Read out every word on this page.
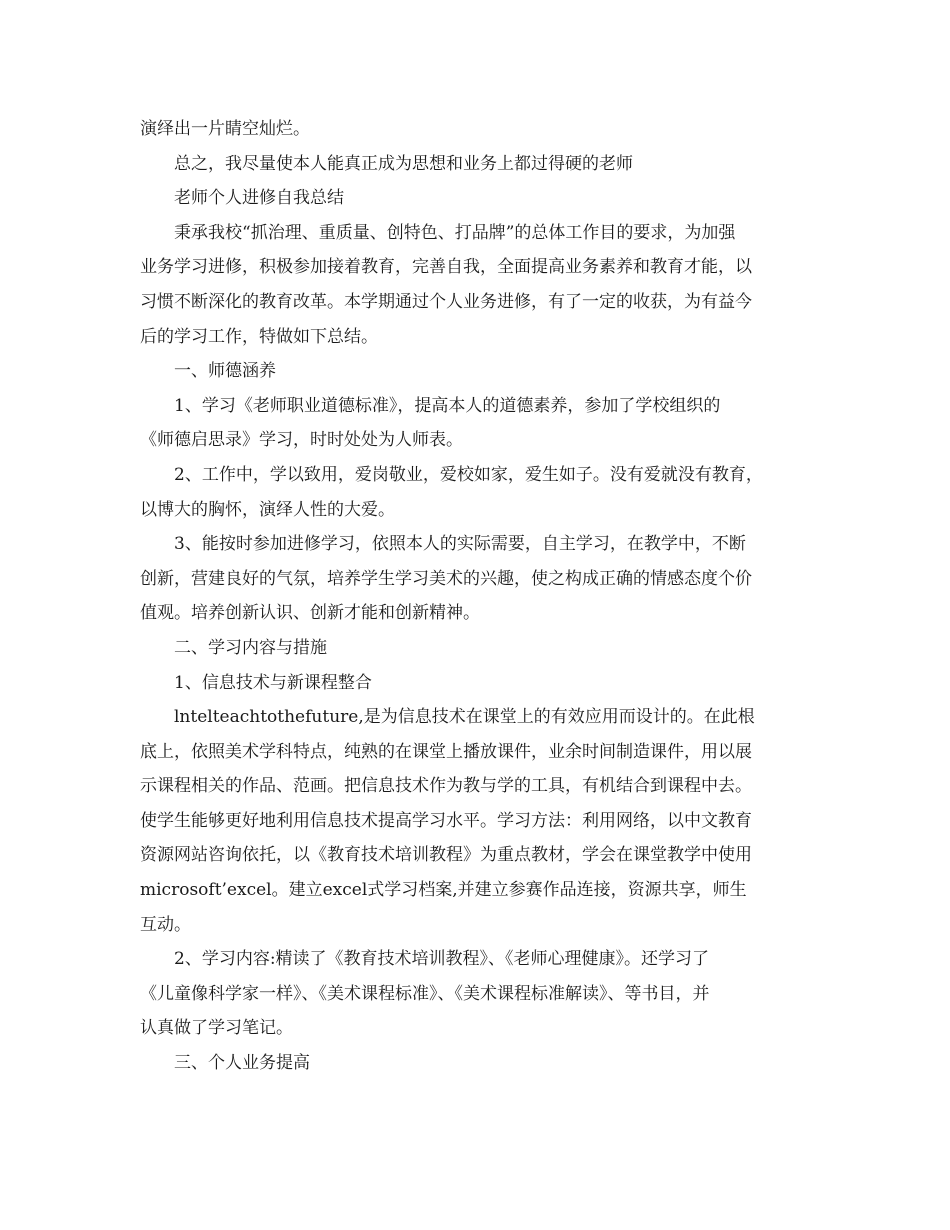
演绎出一片睛空灿烂。
总之，我尽量使本人能真正成为思想和业务上都过得硬的老师
老师个人进修自我总结
秉承我校“抓治理、重质量、创特色、打品牌”的总体工作目的要求，为加强
业务学习进修，积极参加接着教育，完善自我，全面提高业务素养和教育才能，以
习惯不断深化的教育改革。本学期通过个人业务进修，有了一定的收获，为有益今
后的学习工作，特做如下总结。
一、师德涵养
1、学习《老师职业道德标准》，提高本人的道德素养，参加了学校组织的
《师德启思录》学习，时时处处为人师表。
2、工作中，学以致用，爱岗敬业，爱校如家，爱生如子。没有爱就没有教育，
以博大的胸怀，演绎人性的大爱。
3、能按时参加进修学习，依照本人的实际需要，自主学习，在教学中，不断
创新，营建良好的气氛，培养学生学习美术的兴趣，使之构成正确的情感态度个价
值观。培养创新认识、创新才能和创新精神。
二、学习内容与措施
1、信息技术与新课程整合
lntelteachtothefuture,是为信息技术在课堂上的有效应用而设计的。在此根
底上，依照美术学科特点，纯熟的在课堂上播放课件，业余时间制造课件，用以展
示课程相关的作品、范画。把信息技术作为教与学的工具，有机结合到课程中去。
使学生能够更好地利用信息技术提高学习水平。学习方法：利用网络，以中文教育
资源网站咨询依托，以《教育技术培训教程》为重点教材，学会在课堂教学中使用
microsoft’excel。建立excel式学习档案,并建立参赛作品连接，资源共享，师生
互动。
2、学习内容:精读了《教育技术培训教程》、《老师心理健康》。还学习了
《儿童像科学家一样》、《美术课程标准》、《美术课程标准解读》、等书目，并
认真做了学习笔记。
三、个人业务提高
